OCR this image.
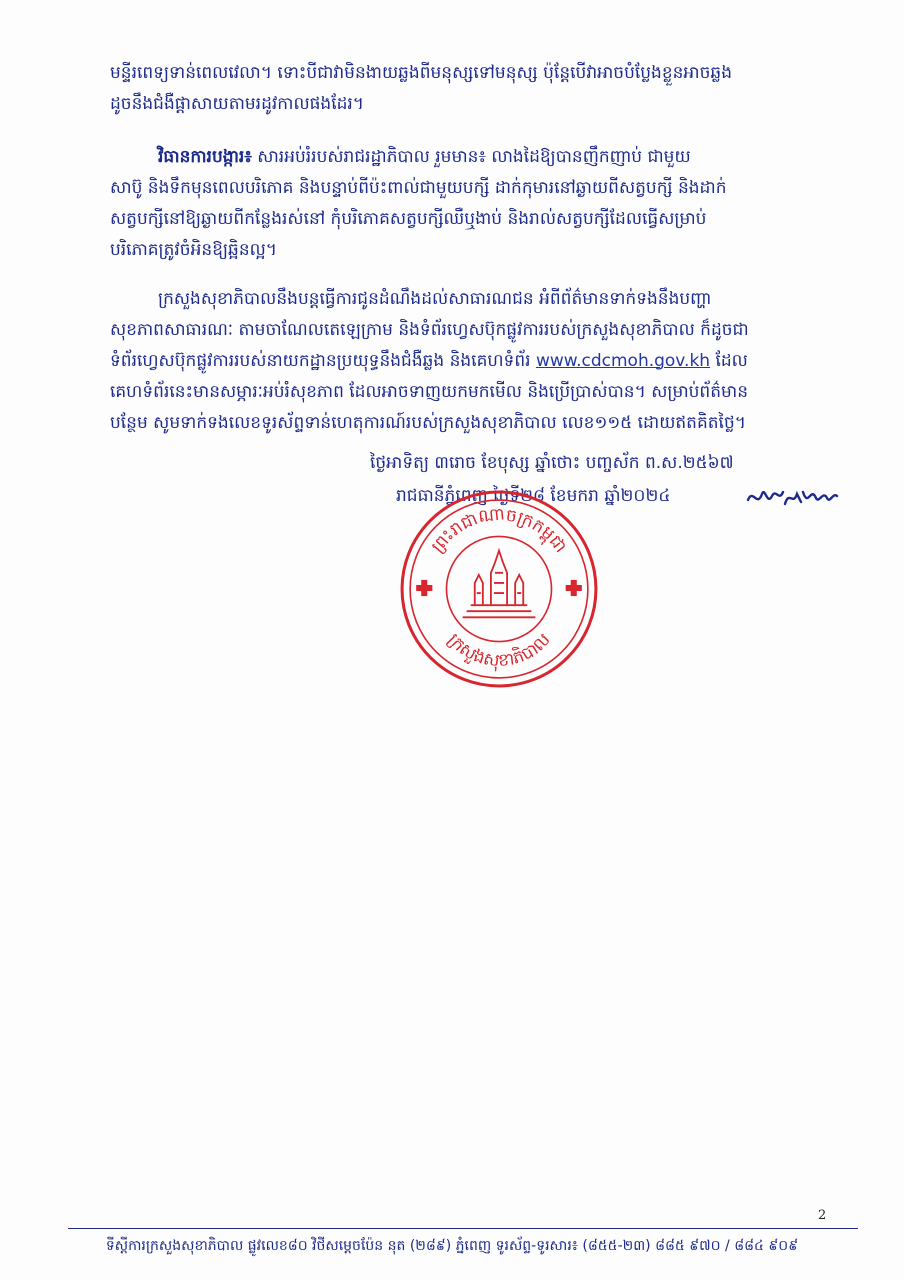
មន្ទីរពេទ្យទាន់ពេលវេលា។ ទោះបីជាវាមិនងាយឆ្លងពីមនុស្សទៅមនុស្ស ប៉ុន្តែបើវាអាចបំប្លែងខ្លួនអាចឆ្លង
ដូចនឹងជំងឺផ្ដាសាយតាមរដូវកាលផងដែរ។
វិធានការបង្ការ៖ សារអប់រំរបស់រាជរដ្ឋាភិបាល រួមមាន៖ លាងដៃឱ្យបានញឹកញាប់ ជាមួយ
សាប៊ូ និងទឹកមុនពេលបរិភោគ និងបន្ទាប់ពីប៉ះពាល់ជាមួយបក្សី ដាក់កុមារនៅឆ្ងាយពីសត្វបក្សី និងដាក់
សត្វបក្សីនៅឱ្យឆ្ងាយពីកន្លែងរស់នៅ កុំបរិភោគសត្វបក្សីឈឺឬងាប់ និងរាល់សត្វបក្សីដែលធ្វើសម្រាប់
បរិភោគត្រូវចំអិនឱ្យឆ្អិនល្អ។
ក្រសួងសុខាភិបាលនឹងបន្តធ្វើការជូនដំណឹងដល់សាធារណជន អំពីព័ត៌មានទាក់ទងនឹងបញ្ហា
សុខភាពសាធារណៈ តាមចាណែលតេឡេក្រាម និងទំព័រហ្វេសប៊ុកផ្លូវការរបស់ក្រសួងសុខាភិបាល ក៏ដូចជា
ទំព័រហ្វេសប៊ុកផ្លូវការរបស់នាយកដ្ឋានប្រយុទ្ធនឹងជំងឺឆ្លង និងគេហទំព័រ www.cdcmoh.gov.kh ដែល
គេហទំព័រនេះមានសម្ភារៈអប់រំសុខភាព ដែលអាចទាញយកមកមើល និងប្រើប្រាស់បាន។ សម្រាប់ព័ត៌មាន
បន្ថែម សូមទាក់ទងលេខទូរស័ព្ទទាន់ហេតុការណ៍របស់ក្រសួងសុខាភិបាល លេខ១១៥ ដោយឥតគិតថ្លៃ។
ថ្ងៃអាទិត្យ ៣រោច ខែបុស្ស ឆ្នាំថោះ បញ្ចស័ក ព.ស.២៥៦៧
រាជធានីភ្នំពេញ ថ្ងៃទី២៨ ខែមករា ឆ្នាំ២០២៤
ព្រះរាជាណាចក្រកម្ពុជា
ក្រសួងសុខាភិបាល
2
ទីស្ដីការក្រសួងសុខាភិបាល ផ្លូវលេខ៨០ វិថីសម្ដេចប៉ែន នុត (២៨៩) ភ្នំពេញ ទូរស័ព្ទ-ទូរសារ៖ (៨៥៥-២៣) ៨៨៥ ៩៧០ / ៨៨៤ ៩០៩
